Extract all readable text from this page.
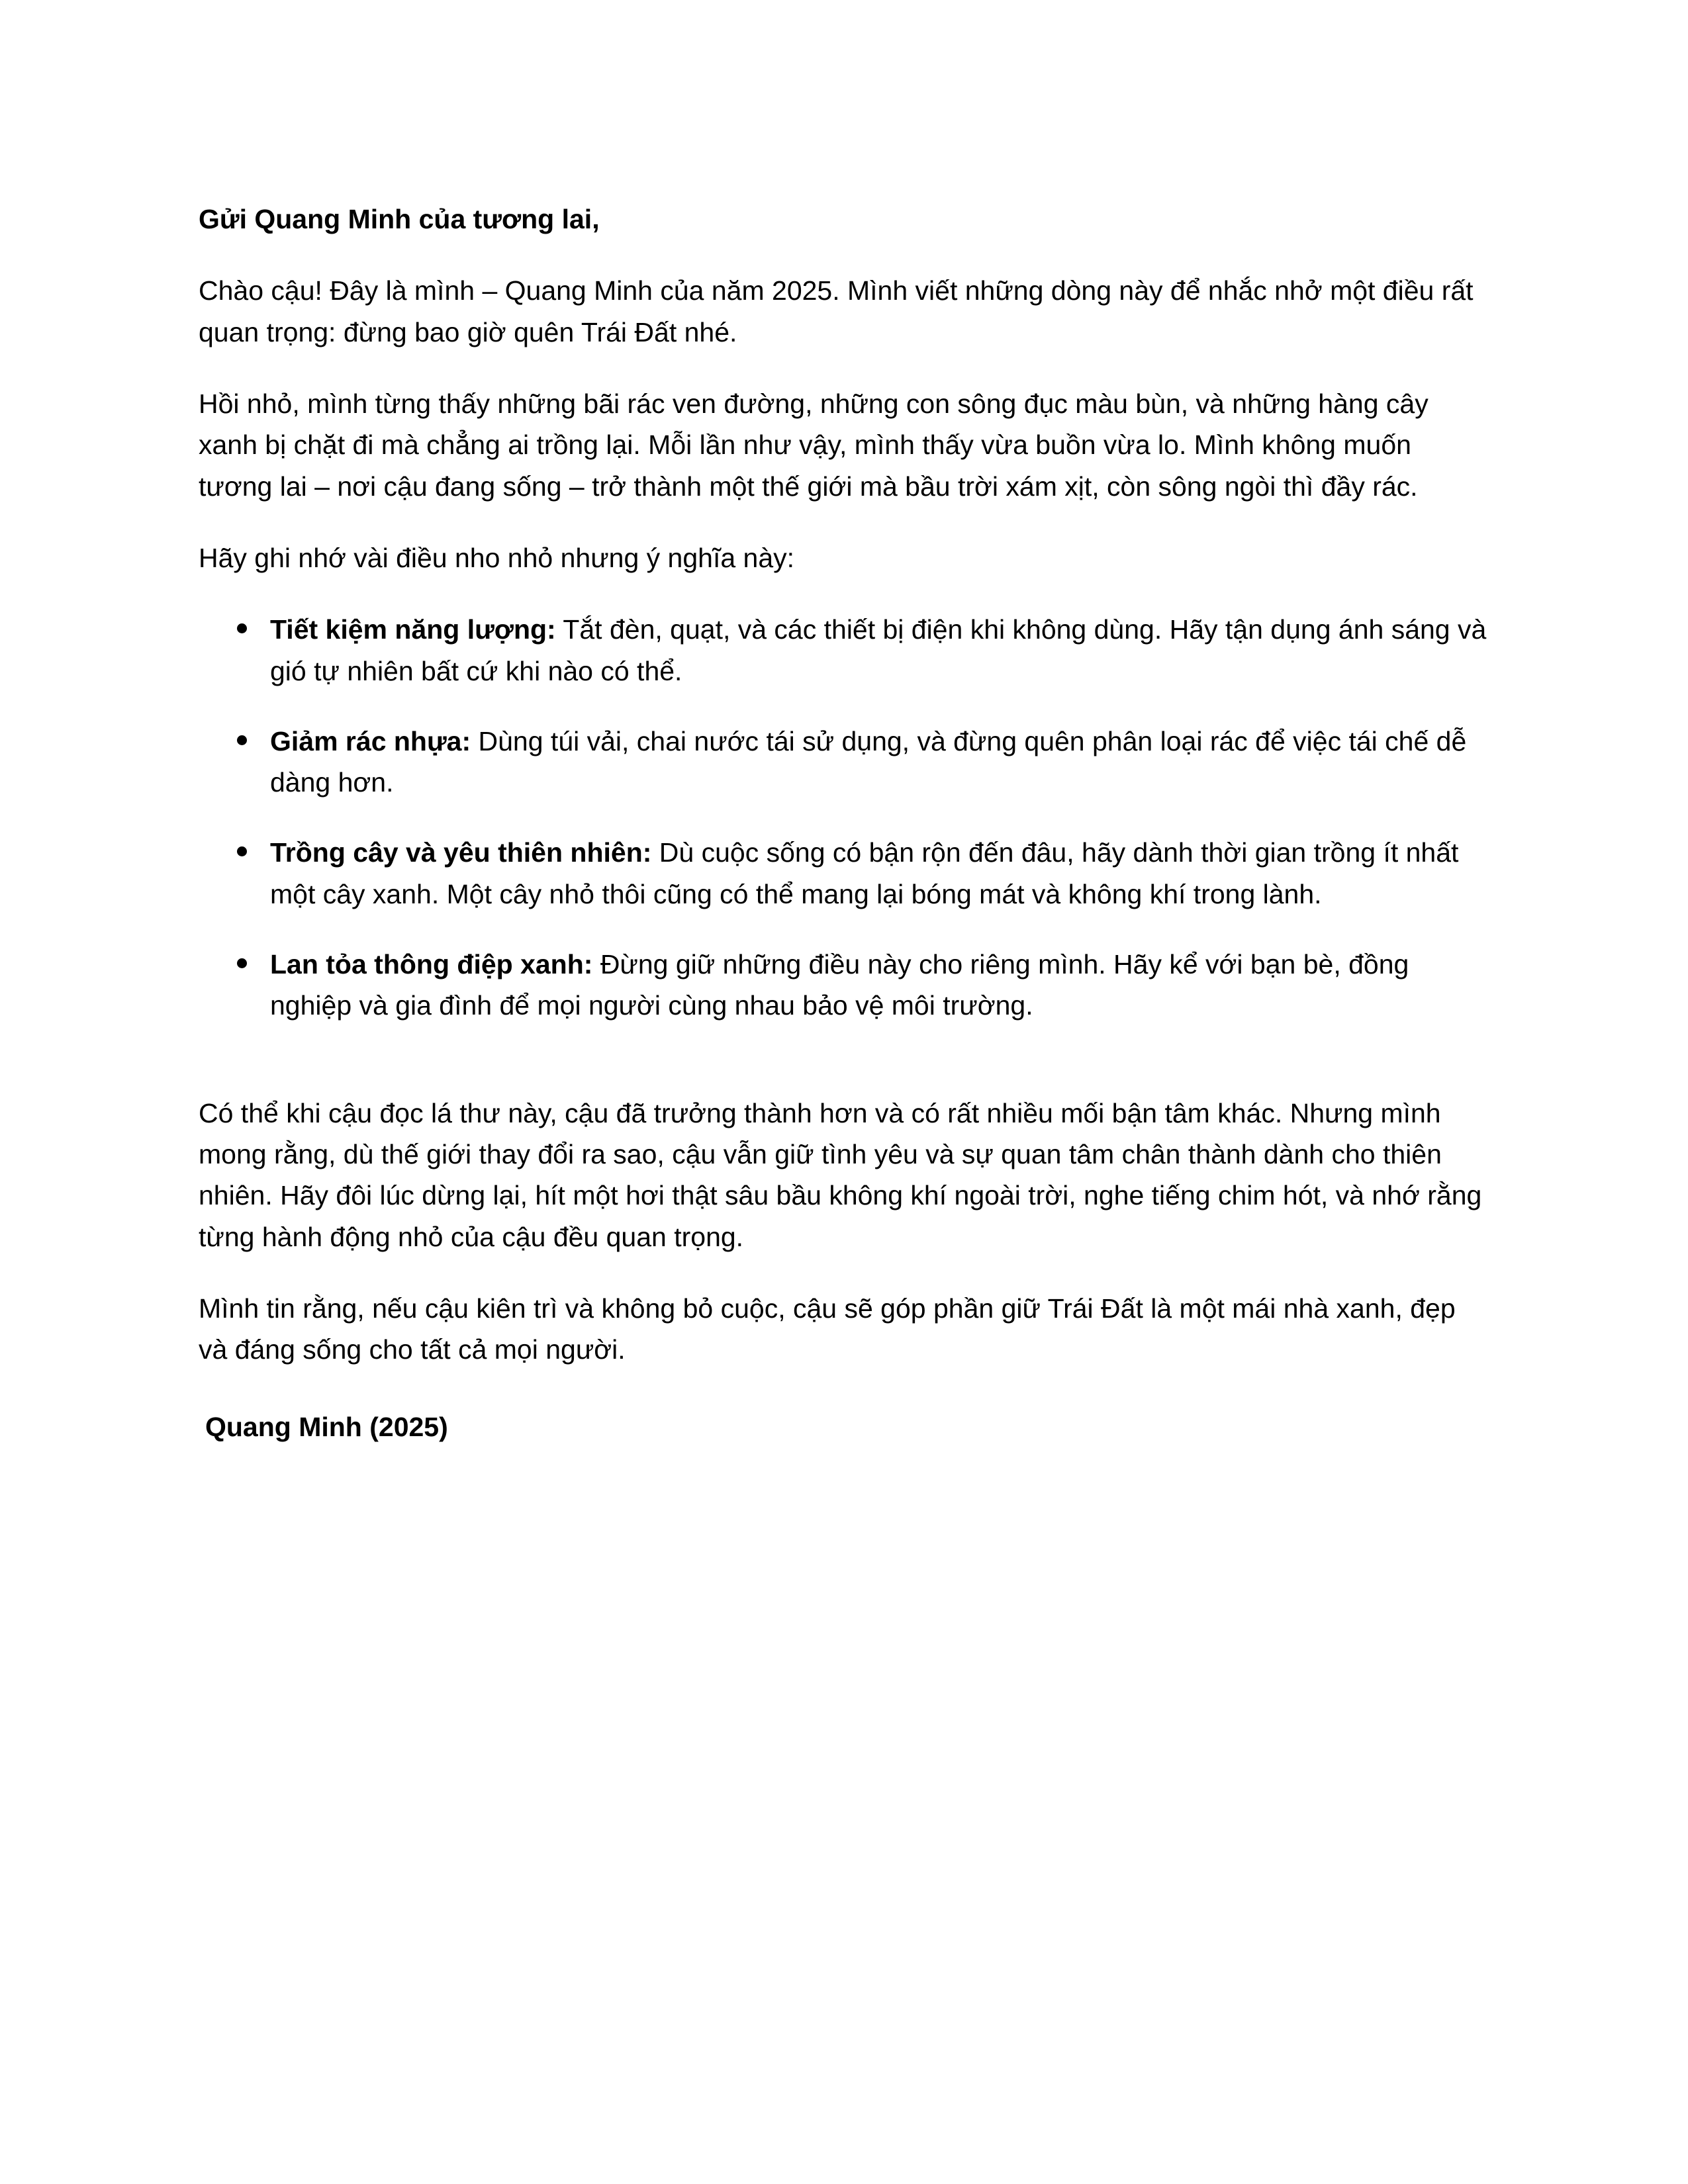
Gửi Quang Minh của tương lai,

Chào cậu! Đây là mình – Quang Minh của năm 2025. Mình viết những dòng này để nhắc nhở một điều rất quan trọng: đừng bao giờ quên Trái Đất nhé.

Hồi nhỏ, mình từng thấy những bãi rác ven đường, những con sông đục màu bùn, và những hàng cây xanh bị chặt đi mà chẳng ai trồng lại. Mỗi lần như vậy, mình thấy vừa buồn vừa lo. Mình không muốn tương lai – nơi cậu đang sống – trở thành một thế giới mà bầu trời xám xịt, còn sông ngòi thì đầy rác.

Hãy ghi nhớ vài điều nho nhỏ nhưng ý nghĩa này:

Tiết kiệm năng lượng: Tắt đèn, quạt, và các thiết bị điện khi không dùng. Hãy tận dụng ánh sáng và gió tự nhiên bất cứ khi nào có thể.
Giảm rác nhựa: Dùng túi vải, chai nước tái sử dụng, và đừng quên phân loại rác để việc tái chế dễ dàng hơn.
Trồng cây và yêu thiên nhiên: Dù cuộc sống có bận rộn đến đâu, hãy dành thời gian trồng ít nhất một cây xanh. Một cây nhỏ thôi cũng có thể mang lại bóng mát và không khí trong lành.
Lan tỏa thông điệp xanh: Đừng giữ những điều này cho riêng mình. Hãy kể với bạn bè, đồng nghiệp và gia đình để mọi người cùng nhau bảo vệ môi trường.

Có thể khi cậu đọc lá thư này, cậu đã trưởng thành hơn và có rất nhiều mối bận tâm khác. Nhưng mình mong rằng, dù thế giới thay đổi ra sao, cậu vẫn giữ tình yêu và sự quan tâm chân thành dành cho thiên nhiên. Hãy đôi lúc dừng lại, hít một hơi thật sâu bầu không khí ngoài trời, nghe tiếng chim hót, và nhớ rằng từng hành động nhỏ của cậu đều quan trọng.

Mình tin rằng, nếu cậu kiên trì và không bỏ cuộc, cậu sẽ góp phần giữ Trái Đất là một mái nhà xanh, đẹp và đáng sống cho tất cả mọi người.

Quang Minh (2025)
